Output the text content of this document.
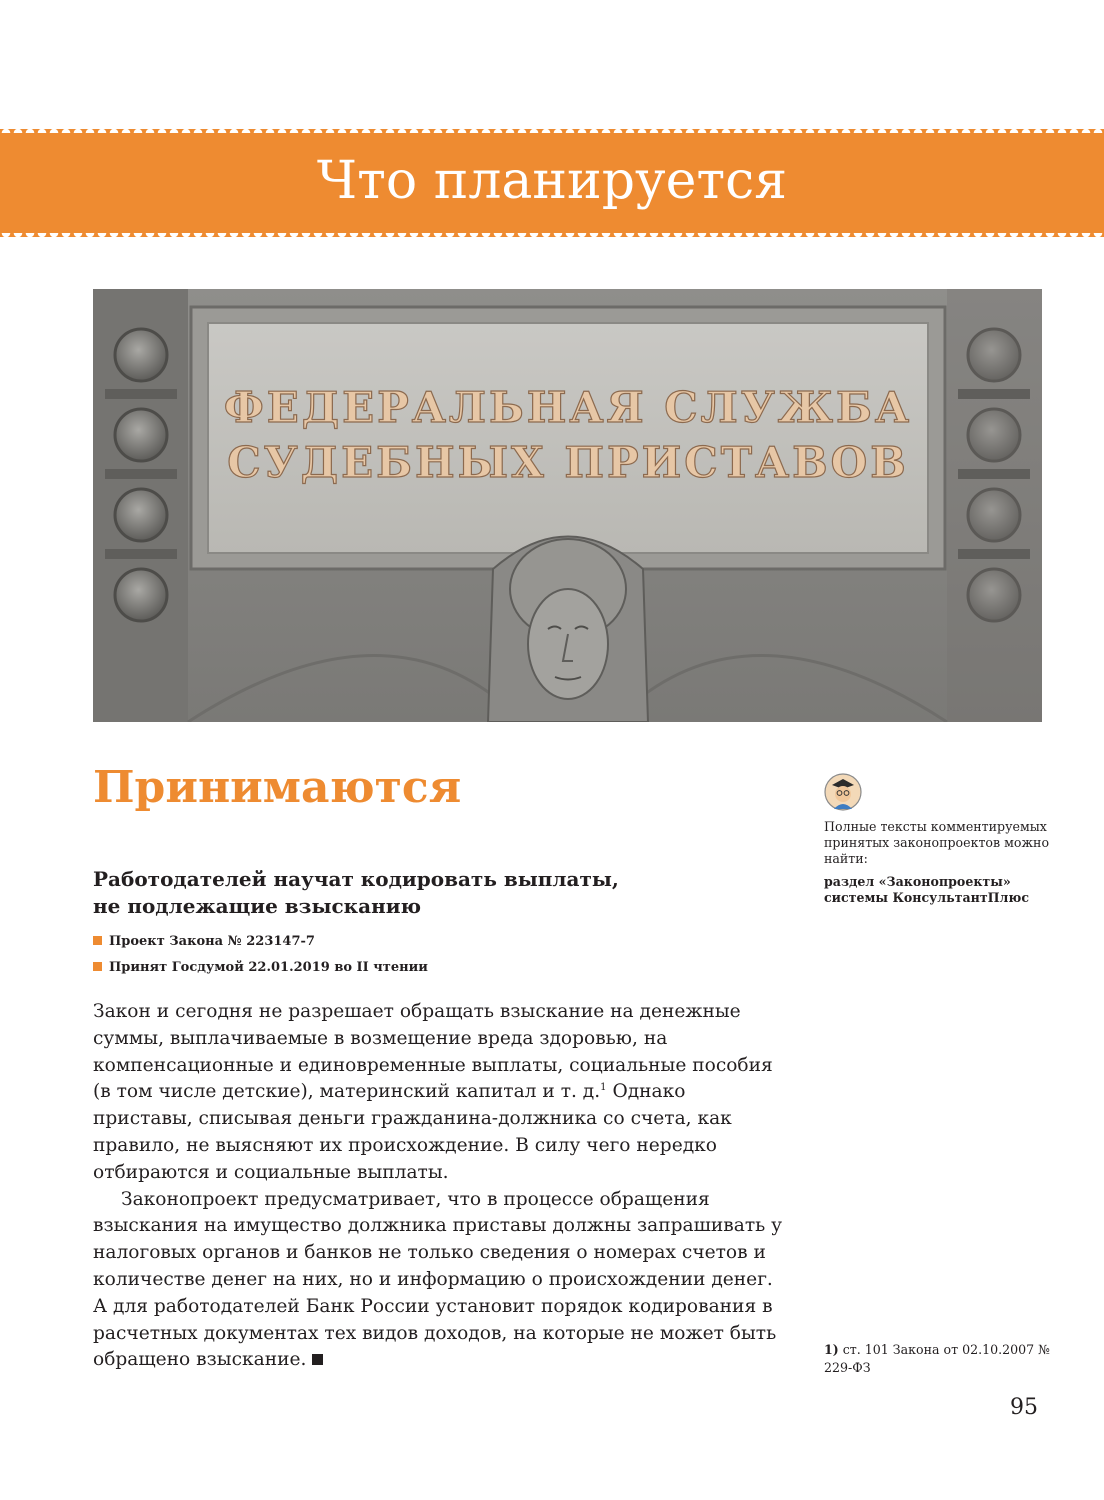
Что планируется
ФЕДЕРАЛЬНАЯ СЛУЖБА
СУДЕБНЫХ ПРИСТАВОВ
Принимаются
Работодателей научат кодировать выплаты,
не подлежащие взысканию
Проект Закона № 223147-7
Принят Госдумой 22.01.2019 во II чтении

Закон и сегодня не разрешает обращать взыскание на денежные суммы, выплачиваемые в возмещение вреда здоровью, на компенсационные и единовременные выплаты, социальные пособия (в том числе детские), материнский капитал и т. д.$^1$ Однако приставы, списывая деньги гражданина-должника со счета, как правило, не выясняют их происхождение. В силу чего нередко отбираются и социальные выплаты.

Законопроект предусматривает, что в процессе обращения взыскания на имущество должника приставы должны запрашивать у налоговых органов и банков не только сведения о номерах счетов и количестве денег на них, но и информацию о происхождении денег. А для работодателей Банк России установит порядок кодирования в расчетных документах тех видов доходов, на которые не может быть обращено взыскание.

Полные тексты комментируемых принятых законопроектов можно найти:
раздел «Законопроекты» системы КонсультантПлюс
1) ст. 101 Закона от 02.10.2007 № 229-ФЗ
95
